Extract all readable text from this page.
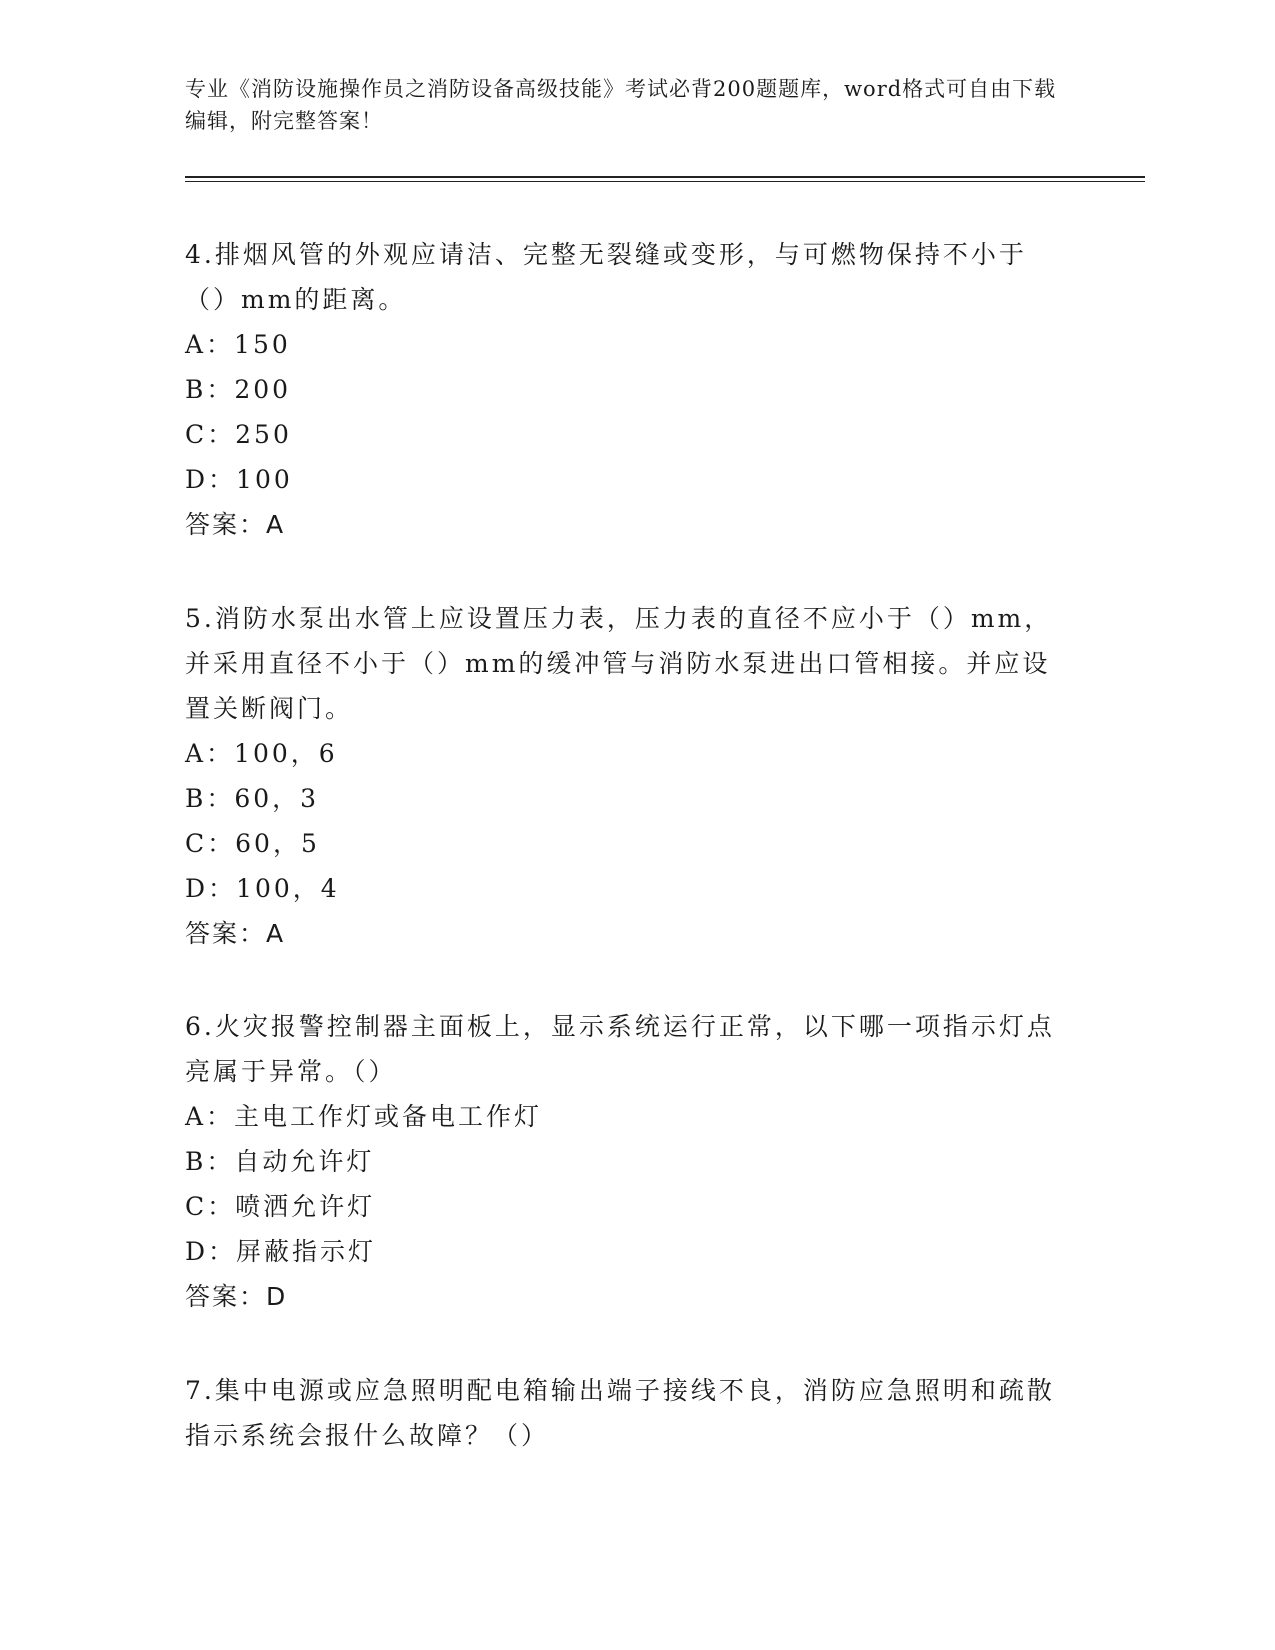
专业《消防设施操作员之消防设备高级技能》考试必背200题题库，word格式可自由下载编辑，附完整答案！

4.排烟风管的外观应请洁、完整无裂缝或变形，与可燃物保持不小于（）mm的距离。

A：150

B：200

C：250

D：100

答案：A

5.消防水泵出水管上应设置压力表，压力表的直径不应小于（）mm，并采用直径不小于（）mm的缓冲管与消防水泵进出口管相接。并应设置关断阀门。

A：100，6

B：60，3

C：60，5

D：100，4

答案：A

6.火灾报警控制器主面板上，显示系统运行正常，以下哪一项指示灯点亮属于异常。（）

A：主电工作灯或备电工作灯

B：自动允许灯

C：喷洒允许灯

D：屏蔽指示灯

答案：D

7.集中电源或应急照明配电箱输出端子接线不良，消防应急照明和疏散指示系统会报什么故障？（）
